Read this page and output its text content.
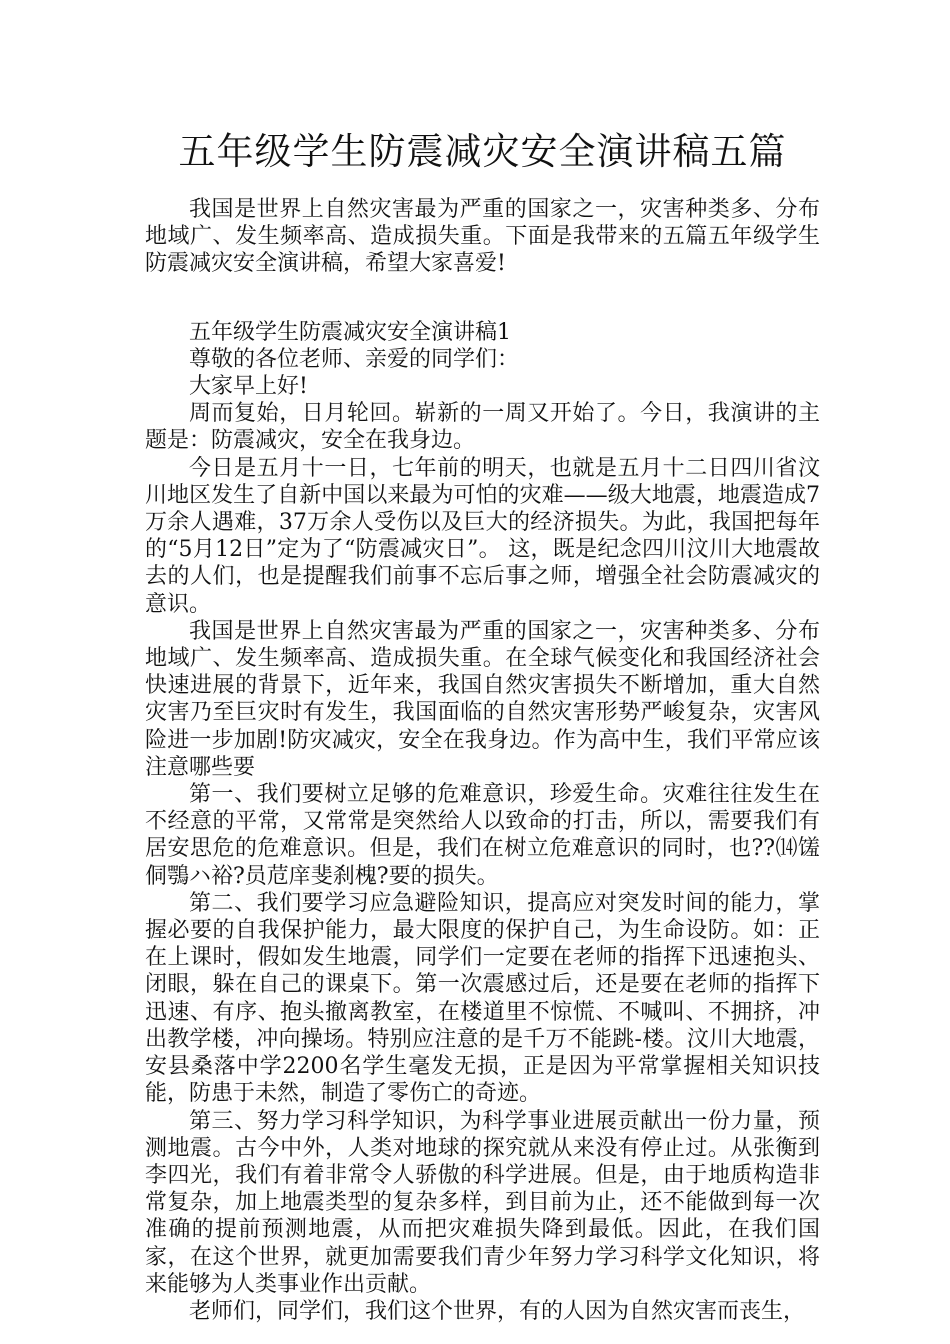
五年级学生防震减灾安全演讲稿五篇

我国是世界上自然灾害最为严重的国家之一，灾害种类多、分布地域广、发生频率高、造成损失重。下面是我带来的五篇五年级学生防震减灾安全演讲稿，希望大家喜爱!

五年级学生防震减灾安全演讲稿1

尊敬的各位老师、亲爱的同学们：

大家早上好!

周而复始，日月轮回。崭新的一周又开始了。今日，我演讲的主题是：防震减灾，安全在我身边。

今日是五月十一日，七年前的明天，也就是五月十二日四川省汶川地区发生了自新中国以来最为可怕的灾难——级大地震，地震造成7万余人遇难，37万余人受伤以及巨大的经济损失。为此，我国把每年的“5月12日”定为了“防震减灾日”。 这，既是纪念四川汶川大地震故去的人们，也是提醒我们前事不忘后事之师，增强全社会防震减灾的意识。

我国是世界上自然灾害最为严重的国家之一，灾害种类多、分布地域广、发生频率高、造成损失重。在全球气候变化和我国经济社会快速进展的背景下，近年来，我国自然灾害损失不断增加，重大自然灾害乃至巨灾时有发生，我国面临的自然灾害形势严峻复杂，灾害风险进一步加剧!防灾减灾，安全在我身边。作为高中生，我们平常应该注意哪些要

第一、我们要树立足够的危难意识，珍爱生命。灾难往往发生在不经意的平常，又常常是突然给人以致命的打击，所以，需要我们有居安思危的危难意识。但是，我们在树立危难意识的同时，也??⒁馐侗鶚ハ裕?员苊庠斐刹槐?要的损失。

第二、我们要学习应急避险知识，提高应对突发时间的能力，掌握必要的自我保护能力，最大限度的保护自己，为生命设防。如：正在上课时，假如发生地震，同学们一定要在老师的指挥下迅速抱头、闭眼，躲在自己的课桌下。第一次震感过后，还是要在老师的指挥下迅速、有序、抱头撤离教室，在楼道里不惊慌、不喊叫、不拥挤，冲出教学楼，冲向操场。特别应注意的是千万不能跳-楼。汶川大地震，安县桑落中学2200名学生毫发无损，正是因为平常掌握相关知识技能，防患于未然，制造了零伤亡的奇迹。

第三、努力学习科学知识，为科学事业进展贡献出一份力量，预测地震。古今中外，人类对地球的探究就从来没有停止过。从张衡到李四光，我们有着非常令人骄傲的科学进展。但是，由于地质构造非常复杂，加上地震类型的复杂多样，到目前为止，还不能做到每一次准确的提前预测地震，从而把灾难损失降到最低。因此，在我们国家，在这个世界，就更加需要我们青少年努力学习科学文化知识，将来能够为人类事业作出贡献。

老师们，同学们，我们这个世界，有的人因为自然灾害而丧生，
